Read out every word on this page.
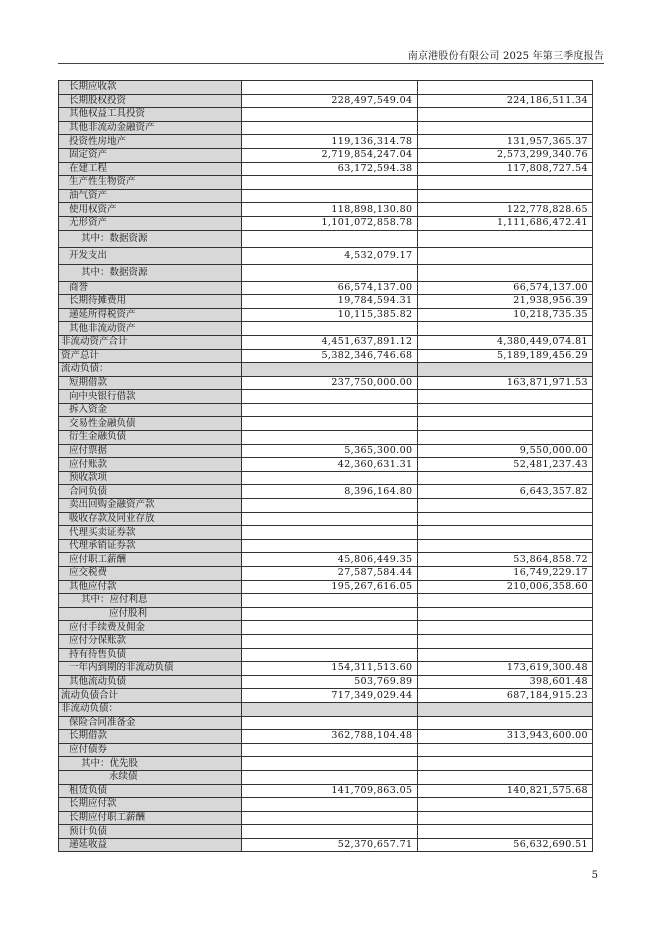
南京港股份有限公司 2025 年第三季度报告
长期应收款		
长期股权投资	228,497,549.04	224,186,511.34
其他权益工具投资		
其他非流动金融资产		
投资性房地产	119,136,314.78	131,957,365.37
固定资产	2,719,854,247.04	2,573,299,340.76
在建工程	63,172,594.38	117,808,727.54
生产性生物资产		
油气资产		
使用权资产	118,898,130.80	122,778,828.65
无形资产	1,101,072,858.78	1,111,686,472.41
其中：数据资源		
开发支出	4,532,079.17	
其中：数据资源		
商誉	66,574,137.00	66,574,137.00
长期待摊费用	19,784,594.31	21,938,956.39
递延所得税资产	10,115,385.82	10,218,735.35
其他非流动资产		
非流动资产合计	4,451,637,891.12	4,380,449,074.81
资产总计	5,382,346,746.68	5,189,189,456.29
流动负债：		
短期借款	237,750,000.00	163,871,971.53
向中央银行借款		
拆入资金		
交易性金融负债		
衍生金融负债		
应付票据	5,365,300.00	9,550,000.00
应付账款	42,360,631.31	52,481,237.43
预收款项		
合同负债	8,396,164.80	6,643,357.82
卖出回购金融资产款		
吸收存款及同业存放		
代理买卖证券款		
代理承销证券款		
应付职工薪酬	45,806,449.35	53,864,858.72
应交税费	27,587,584.44	16,749,229.17
其他应付款	195,267,616.05	210,006,358.60
其中：应付利息		
应付股利		
应付手续费及佣金		
应付分保账款		
持有待售负债		
一年内到期的非流动负债	154,311,513.60	173,619,300.48
其他流动负债	503,769.89	398,601.48
流动负债合计	717,349,029.44	687,184,915.23
非流动负债：		
保险合同准备金		
长期借款	362,788,104.48	313,943,600.00
应付债券		
其中：优先股		
永续债		
租赁负债	141,709,863.05	140,821,575.68
长期应付款		
长期应付职工薪酬		
预计负债		
递延收益	52,370,657.71	56,632,690.51
5
